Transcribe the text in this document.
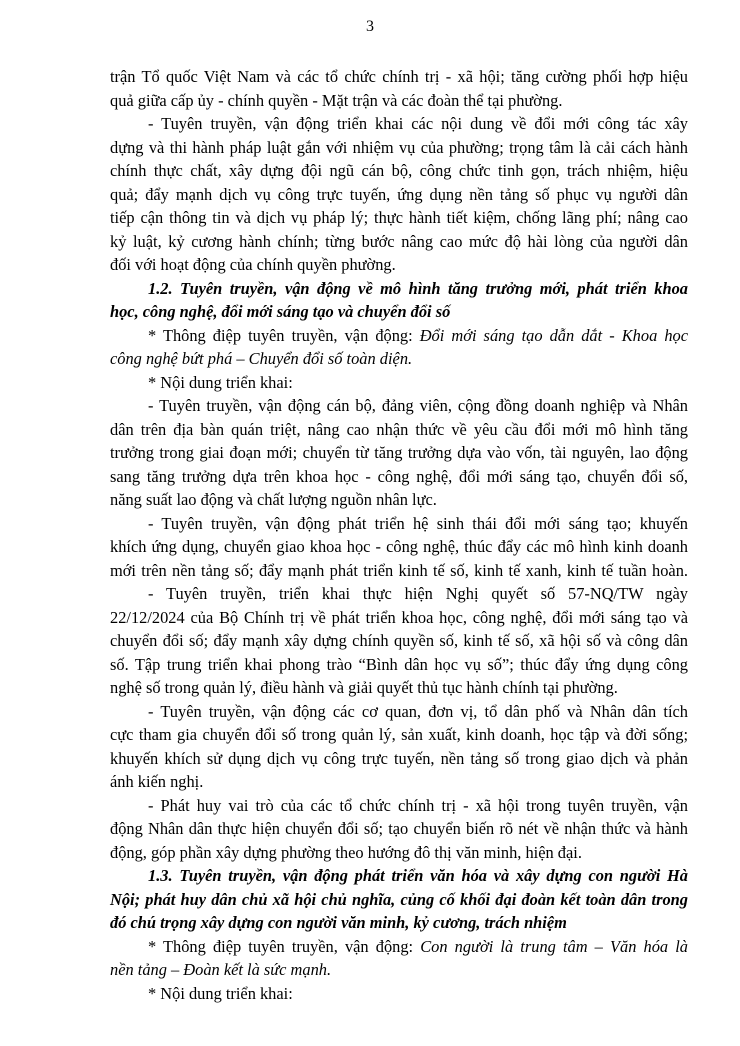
3
trận Tổ quốc Việt Nam và các tổ chức chính trị - xã hội; tăng cường phối hợp hiệu
quả giữa cấp ủy - chính quyền - Mặt trận và các đoàn thể tại phường.
- Tuyên truyền, vận động triển khai các nội dung về đổi mới công tác xây
dựng và thi hành pháp luật gắn với nhiệm vụ của phường; trọng tâm là cải cách hành
chính thực chất, xây dựng đội ngũ cán bộ, công chức tinh gọn, trách nhiệm, hiệu
quả; đẩy mạnh dịch vụ công trực tuyến, ứng dụng nền tảng số phục vụ người dân
tiếp cận thông tin và dịch vụ pháp lý; thực hành tiết kiệm, chống lãng phí; nâng cao
kỷ luật, kỷ cương hành chính; từng bước nâng cao mức độ hài lòng của người dân
đối với hoạt động của chính quyền phường.
1.2. Tuyên truyền, vận động về mô hình tăng trưởng mới, phát triển khoa
học, công nghệ, đổi mới sáng tạo và chuyển đổi số
* Thông điệp tuyên truyền, vận động: Đổi mới sáng tạo dẫn dắt - Khoa học
công nghệ bứt phá – Chuyển đổi số toàn diện.
* Nội dung triển khai:
- Tuyên truyền, vận động cán bộ, đảng viên, cộng đồng doanh nghiệp và Nhân
dân trên địa bàn quán triệt, nâng cao nhận thức về yêu cầu đổi mới mô hình tăng
trưởng trong giai đoạn mới; chuyển từ tăng trưởng dựa vào vốn, tài nguyên, lao động
sang tăng trưởng dựa trên khoa học - công nghệ, đổi mới sáng tạo, chuyển đổi số,
năng suất lao động và chất lượng nguồn nhân lực.
- Tuyên truyền, vận động phát triển hệ sinh thái đổi mới sáng tạo; khuyến
khích ứng dụng, chuyển giao khoa học - công nghệ, thúc đẩy các mô hình kinh doanh
mới trên nền tảng số; đẩy mạnh phát triển kinh tế số, kinh tế xanh, kinh tế tuần hoàn.
- Tuyên truyền, triển khai thực hiện Nghị quyết số 57-NQ/TW ngày
22/12/2024 của Bộ Chính trị về phát triển khoa học, công nghệ, đổi mới sáng tạo và
chuyển đổi số; đẩy mạnh xây dựng chính quyền số, kinh tế số, xã hội số và công dân
số. Tập trung triển khai phong trào “Bình dân học vụ số”; thúc đẩy ứng dụng công
nghệ số trong quản lý, điều hành và giải quyết thủ tục hành chính tại phường.
- Tuyên truyền, vận động các cơ quan, đơn vị, tổ dân phố và Nhân dân tích
cực tham gia chuyển đổi số trong quản lý, sản xuất, kinh doanh, học tập và đời sống;
khuyến khích sử dụng dịch vụ công trực tuyến, nền tảng số trong giao dịch và phản
ánh kiến nghị.
- Phát huy vai trò của các tổ chức chính trị - xã hội trong tuyên truyền, vận
động Nhân dân thực hiện chuyển đổi số; tạo chuyển biến rõ nét về nhận thức và hành
động, góp phần xây dựng phường theo hướng đô thị văn minh, hiện đại.
1.3. Tuyên truyền, vận động phát triển văn hóa và xây dựng con người Hà
Nội; phát huy dân chủ xã hội chủ nghĩa, củng cố khối đại đoàn kết toàn dân trong
đó chú trọng xây dựng con người văn minh, kỷ cương, trách nhiệm
* Thông điệp tuyên truyền, vận động: Con người là trung tâm – Văn hóa là
nền tảng – Đoàn kết là sức mạnh.
* Nội dung triển khai:
